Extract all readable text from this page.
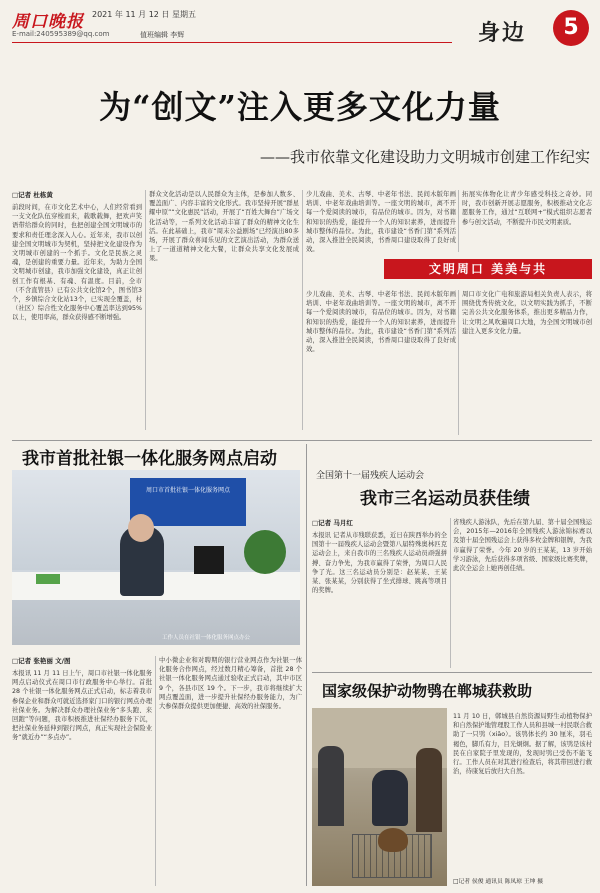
周口晚报 2021 年 11 月 12 日 星期五
E-mail:240595389@qq.com	值班编辑 李辉	身边	5
为“创文”注入更多文化力量
——我市依靠文化建设助力文明城市创建工作纪实
□记者 杜栋黄
前段时间，在市文化艺术中心，人们经常看到一支文化队伍穿梭而来，载歌载舞，把欢声笑语带给群众的同时，也把创建全国文明城市的要求和责任理念深入人心。近年来，我市以创建全国文明城市为契机，坚持把文化建设作为文明城市创建的一个抓手。文化是民族之灵魂，是创建的重要力量。近年来，为助力全国文明城市创建，我市加强文化建设，真正让创创工作有根基、有魂、有温度。目前，全市（不含直管县）已有公共文化馆2个，图书馆3个，乡镇综合文化站13个，已实现全覆盖，村（社区）综合性文化服务中心覆盖率达到95%以上，使用率高，群众获得感不断增强。
群众文化活动是以人民群众为主体，是参加人数多、覆盖面广、内容丰富的文化形式。我市坚持开展“群星耀中原”“文化惠民”活动，开展了“百姓大舞台”广场文化活动等，一系列文化活动丰富了群众的精神文化生活。在此基础上，我市“周末公益剧场”已经演出80多场，开展了群众喜闻乐见的文艺演出活动，为群众送上了一道道精神文化大餐，让群众共享文化发展成果。
少儿戏曲、美术、古琴、中老年书法、民间木版年画培训、中老年戏曲培训等。一座文明的城市，离不开每一个爱阅读的城市，有品位的城市。因为，对书籍和知识的热爱，能提升一个人的知识素养，进而提升城市整体的品位。为此，我市建设“书香门第”系列活动，深入推进全民阅读，书香周口建设取得了良好成效。
拓展实体物化让青少年感受科技之奇妙。同时，我市创新开展志愿服务，积极推动文化志愿服务工作，通过“互联网+”模式组织志愿者参与创文活动，不断提升市民文明素质。
文明周口 美美与共
少儿戏曲、美术、古琴、中老年书法、民间木版年画培训、中老年戏曲培训等。一座文明的城市，离不开每一个爱阅读的城市，有品位的城市。因为，对书籍和知识的热爱，能提升一个人的知识素养，进而提升城市整体的品位。为此，我市建设“书香门第”系列活动，深入推进全民阅读，书香周口建设取得了良好成效。
周口市文化广电和旅游局相关负责人表示，将围绕优秀传统文化，以文明实践为抓手，不断完善公共文化服务体系，推出更多精品力作，让文明之风吹遍周口大地，为全国文明城市创建注入更多文化力量。
我市首批社银一体化服务网点启动
周口市首批社银一体化服务网点
工作人员在社银一体化服务网点办公
□记者 张艳丽 文/图
本报讯 11 月 11 日上午，周口市社银一体化服务网点启动仪式在周口市行政服务中心举行。首批 28 个社银一体化服务网点正式启动，标志着我市参保企业和群众可就近选择家门口的银行网点办理社保业务。为解决群众办理社保业务“多头跑、来回跑”等问题，我市积极推进社保经办服务下沉，把社保业务延伸到银行网点，真正实现社会保险业务“就近办”“多点办”。
中小微企业和对聘期的银行营业网点作为社银一体化服务合作网点，经过数月精心筹备，首批 28 个社银一体化服务网点通过验收正式启动，其中市区 9 个，各县市区 19 个。下一步，我市将继续扩大网点覆盖面，进一步提升社保经办服务能力，为广大参保群众提供更加便捷、高效的社保服务。
全国第十一届残疾人运动会
我市三名运动员获佳绩
□记者 马月红
本报讯 记者从市残联获悉，近日在陕西举办的全国第十一届残疾人运动会暨第八届特殊奥林匹克运动会上，来自我市的三名残疾人运动员顽强拼搏、奋力争先，为我市赢得了荣誉，为周口人民争了光。这三名运动员分别是：赵某某、王某某、张某某，分别获得了坐式排球、跳高等项目的奖牌。
省残疾人游泳队，先后在第九届、第十届全国残运会，2015年—2016年全国残疾人游泳锦标赛以及第十届全国残运会上获得多枚金牌和银牌，为我市赢得了荣誉。今年 20 岁的王某某，13 岁开始学习游泳，先后获得多项省级、国家级比赛奖牌，此次全运会上她再创佳绩。
国家级保护动物鸮在郸城获救助
11 月 10 日，郸城县自然资源局野生动植物保护和自然保护地管理股工作人员和县城一村民联合救助了一只鸮（xiāo）。该鸮体长约 30 厘米，羽毛褐色，脚爪有力，目光炯炯。据了解，该鸮是该村民在自家院子里发现的，发现时鸮已受伤不能飞行。工作人员在对其进行检查后，将其带回进行救治，待康复后放归大自然。
□记者 侯俊 通讯员 陈凤琼 王坤 摄
